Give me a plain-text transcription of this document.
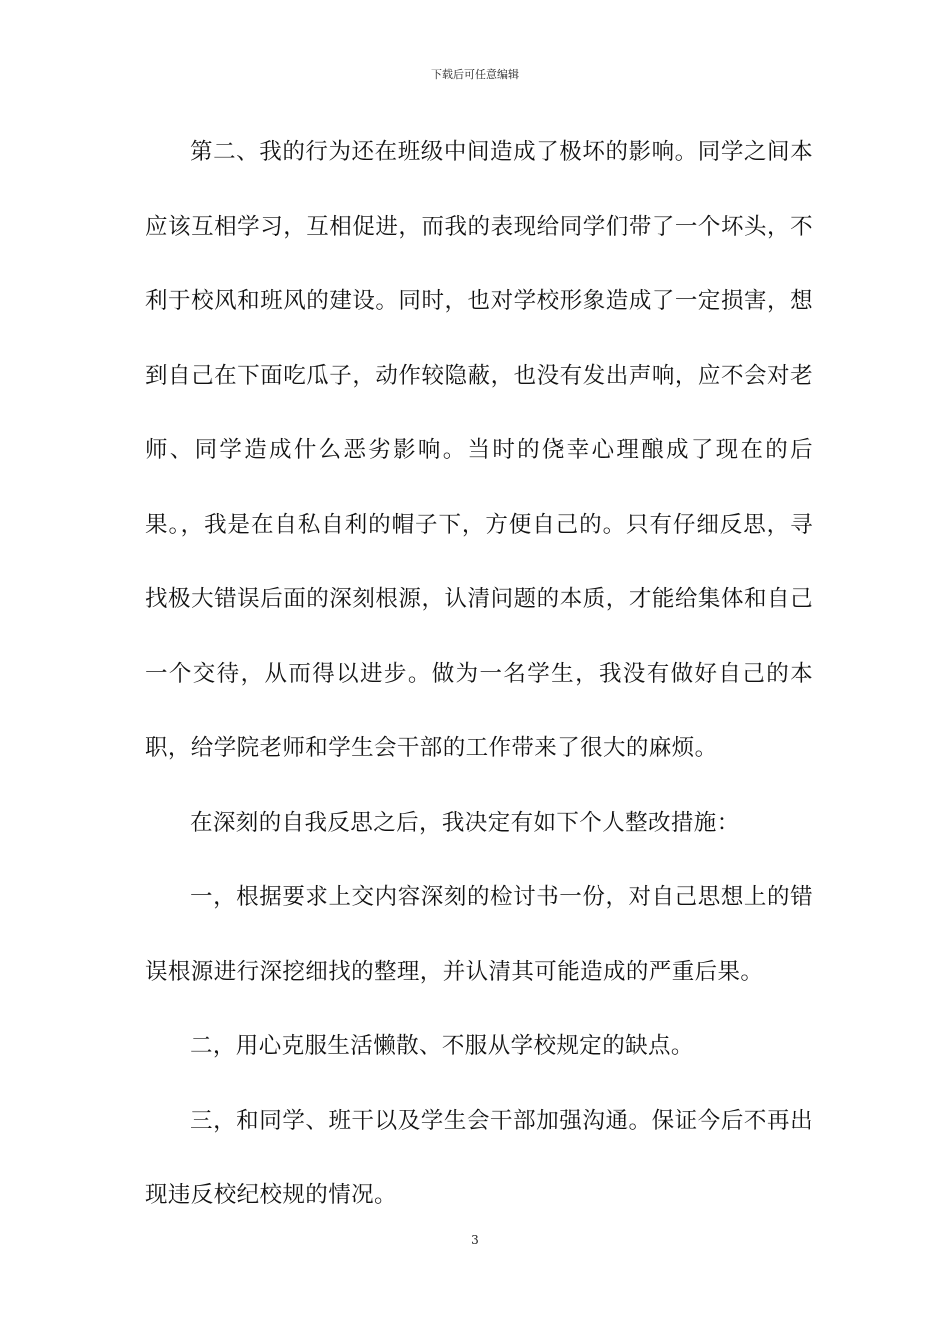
下载后可任意编辑

第二、我的行为还在班级中间造成了极坏的影响。同学之间本应该互相学习，互相促进，而我的表现给同学们带了一个坏头，不利于校风和班风的建设。同时，也对学校形象造成了一定损害，想到自己在下面吃瓜子，动作较隐蔽，也没有发出声响，应不会对老师、同学造成什么恶劣影响。当时的侥幸心理酿成了现在的后果。，我是在自私自利的帽子下，方便自己的。只有仔细反思，寻找极大错误后面的深刻根源，认清问题的本质，才能给集体和自己一个交待，从而得以进步。做为一名学生，我没有做好自己的本职，给学院老师和学生会干部的工作带来了很大的麻烦。

在深刻的自我反思之后，我决定有如下个人整改措施：

一，根据要求上交内容深刻的检讨书一份，对自己思想上的错误根源进行深挖细找的整理，并认清其可能造成的严重后果。

二，用心克服生活懒散、不服从学校规定的缺点。

三，和同学、班干以及学生会干部加强沟通。保证今后不再出现违反校纪校规的情况。

3
